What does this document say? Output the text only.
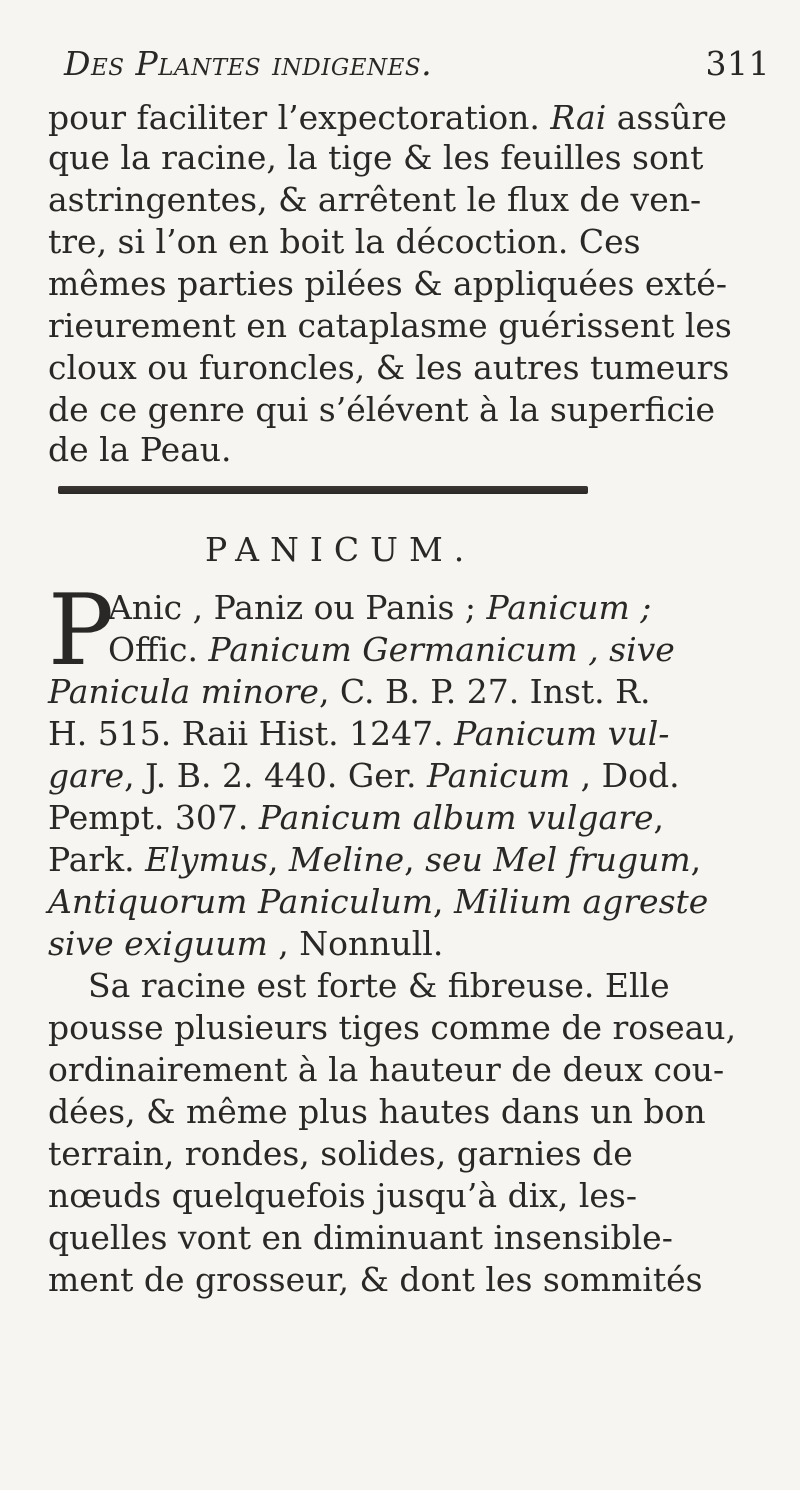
Des Plantes indigenes.	311
pour faciliter l’expectoration. Rai assûre
que la racine, la tige & les feuilles sont
astringentes, & arrêtent le flux de ven-
tre, si l’on en boit la décoction. Ces
mêmes parties pilées & appliquées exté-
rieurement en cataplasme guérissent les
cloux ou furoncles, & les autres tumeurs
de ce genre qui s’élévent à la superficie
de la Peau.
PANICUM.
P
Anic , Paniz ou Panis ; Panicum ;
Offic. Panicum Germanicum , sive
Panicula minore, C. B. P. 27. Inst. R.
H. 515. Raii Hist. 1247. Panicum vul-
gare, J. B. 2. 440. Ger. Panicum , Dod.
Pempt. 307. Panicum album vulgare,
Park. Elymus, Meline, seu Mel frugum,
Antiquorum Paniculum, Milium agreste
sive exiguum , Nonnull.
Sa racine est forte & fibreuse. Elle
pousse plusieurs tiges comme de roseau,
ordinairement à la hauteur de deux cou-
dées, & même plus hautes dans un bon
terrain, rondes, solides, garnies de
nœuds quelquefois jusqu’à dix, les-
quelles vont en diminuant insensible-
ment de grosseur, & dont les sommités
